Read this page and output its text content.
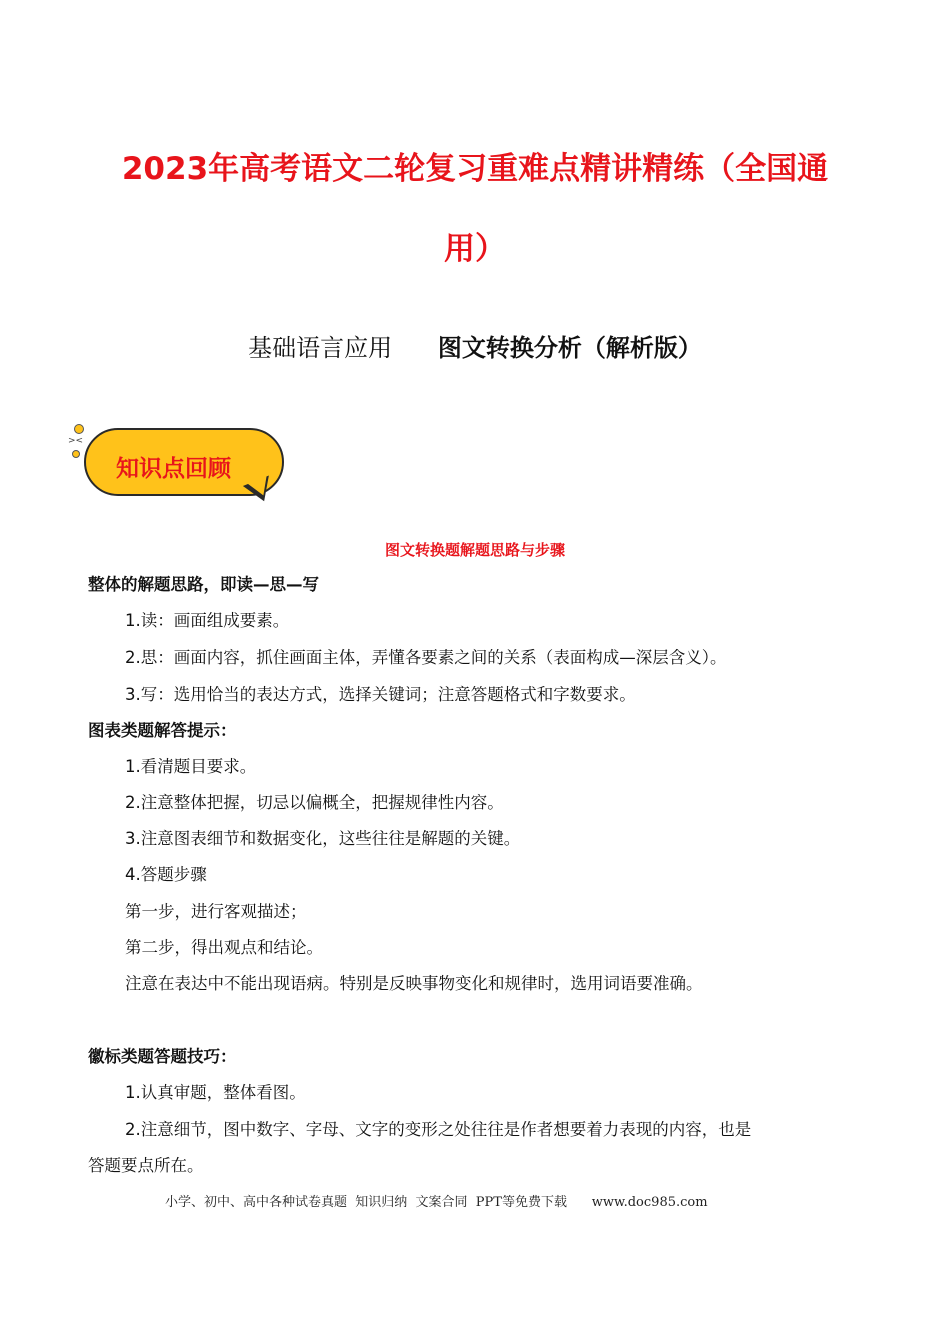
2023年高考语文二轮复习重难点精讲精练（全国通
用）

基础语言应用 图文转换分析（解析版）

><
知识点回顾
图文转换题解题思路与步骤

整体的解题思路，即读—思—写

1.读：画面组成要素。

2.思：画面内容，抓住画面主体，弄懂各要素之间的关系（表面构成—深层含义）。

3.写：选用恰当的表达方式，选择关键词；注意答题格式和字数要求。

图表类题解答提示：

1.看清题目要求。

2.注意整体把握，切忌以偏概全，把握规律性内容。

3.注意图表细节和数据变化，这些往往是解题的关键。

4.答题步骤

第一步，进行客观描述；

第二步，得出观点和结论。

注意在表达中不能出现语病。特别是反映事物变化和规律时，选用词语要准确。

徽标类题答题技巧：

1.认真审题，整体看图。

2.注意细节，图中数字、字母、文字的变形之处往往是作者想要着力表现的内容，也是

答题要点所在。

小学、初中、高中各种试卷真题  知识归纳  文案合同  PPT等免费下载 www.doc985.com
